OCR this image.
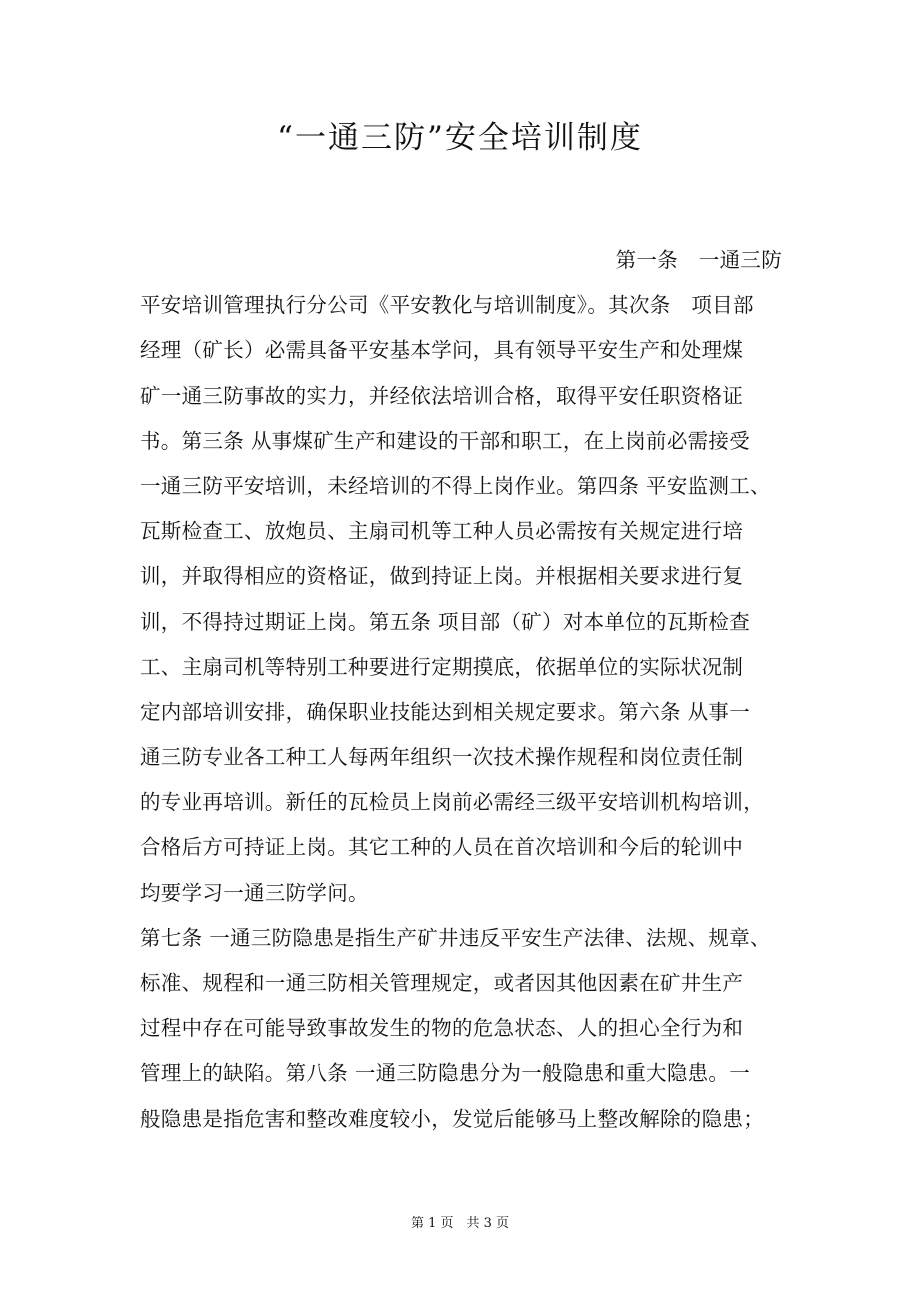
“一通三防”安全培训制度
第一条　一通三防
平安培训管理执行分公司《平安教化与培训制度》。其次条　项目部
经理（矿长）必需具备平安基本学问，具有领导平安生产和处理煤
矿一通三防事故的实力，并经依法培训合格，取得平安任职资格证
书。第三条 从事煤矿生产和建设的干部和职工，在上岗前必需接受
一通三防平安培训，未经培训的不得上岗作业。第四条 平安监测工、
瓦斯检查工、放炮员、主扇司机等工种人员必需按有关规定进行培
训，并取得相应的资格证，做到持证上岗。并根据相关要求进行复
训，不得持过期证上岗。第五条 项目部（矿）对本单位的瓦斯检查
工、主扇司机等特别工种要进行定期摸底，依据单位的实际状况制
定内部培训安排，确保职业技能达到相关规定要求。第六条 从事一
通三防专业各工种工人每两年组织一次技术操作规程和岗位责任制
的专业再培训。新任的瓦检员上岗前必需经三级平安培训机构培训，
合格后方可持证上岗。其它工种的人员在首次培训和今后的轮训中
均要学习一通三防学问。
第七条 一通三防隐患是指生产矿井违反平安生产法律、法规、规章、
标准、规程和一通三防相关管理规定，或者因其他因素在矿井生产
过程中存在可能导致事故发生的物的危急状态、人的担心全行为和
管理上的缺陷。第八条 一通三防隐患分为一般隐患和重大隐患。一
般隐患是指危害和整改难度较小，发觉后能够马上整改解除的隐患；
第 1 页　共 3 页
